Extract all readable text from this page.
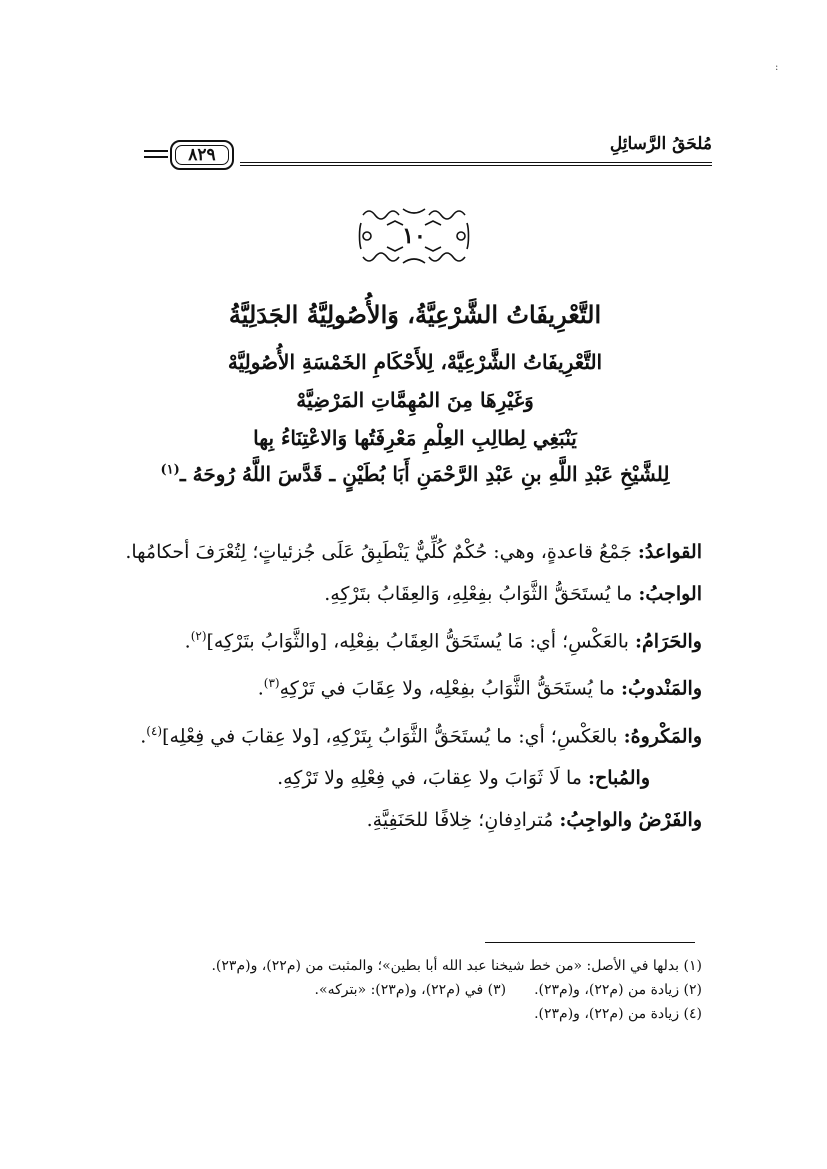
:
مُلحَقُ الرَّسائِلِ
٨٢٩
١٠
التَّعْرِيفَاتُ الشَّرْعِيَّةُ، وَالأُصُولِيَّةُ الجَدَلِيَّةُ
التَّعْرِيفَاتُ الشَّرْعِيَّهْ، لِلأَحْكَامِ الخَمْسَةِ الأُصُولِيَّهْ
وَغَيْرِهَا مِنَ المُهِمَّاتِ المَرْضِيَّهْ
يَنْبَغِي لِطالِبِ العِلْمِ مَعْرِفَتُها وَالاعْتِنَاءُ بِها
لِلشَّيْخِ عَبْدِ اللَّهِ بنِ عَبْدِ الرَّحْمَنِ أَبَا بُطَيْنٍ ـ قَدَّسَ اللَّهُ رُوحَهُ ـ$^{(١)}$

القواعدُ: جَمْعُ قاعدةٍ، وهي: حُكْمٌ كُلِّيٌّ يَنْطَبِقُ عَلَى جُزئياتٍ؛ لِتُعْرَفَ أحكامُها.

الواجبُ: ما يُستَحَقُّ الثَّوَابُ بفِعْلِهِ، وَالعِقَابُ بتَرْكِهِ.

والحَرَامُ: بالعَكْسِ؛ أي: مَا يُستَحَقُّ العِقَابُ بفِعْلِه، [والثَّوَابُ بتَرْكِه]$^{(٢)}$.

والمَنْدوبُ: ما يُستَحَقُّ الثَّوَابُ بفِعْلِه، ولا عِقَابَ في تَرْكِهِ$^{(٣)}$.

والمَكْروهُ: بالعَكْسِ؛ أي: ما يُستَحَقُّ الثَّوَابُ بِتَرْكِهِ، [ولا عِقابَ في فِعْلِه]$^{(٤)}$.

والمُباح: ما لَا ثَوَابَ ولا عِقابَ، في فِعْلِهِ ولا تَرْكِهِ.

والفَرْضُ والواجِبُ: مُترادِفانِ؛ خِلافًا للحَنَفِيَّةِ.

(١) بدلها في الأصل: «من خط شيخنا عبد الله أبا بطين»؛ والمثبت من (م٢٢)، و(م٢٣).
(٢) زيادة من (م٢٢)، و(م٢٣).
(٣) في (م٢٢)، و(م٢٣): «بتركه».
(٤) زيادة من (م٢٢)، و(م٢٣).
